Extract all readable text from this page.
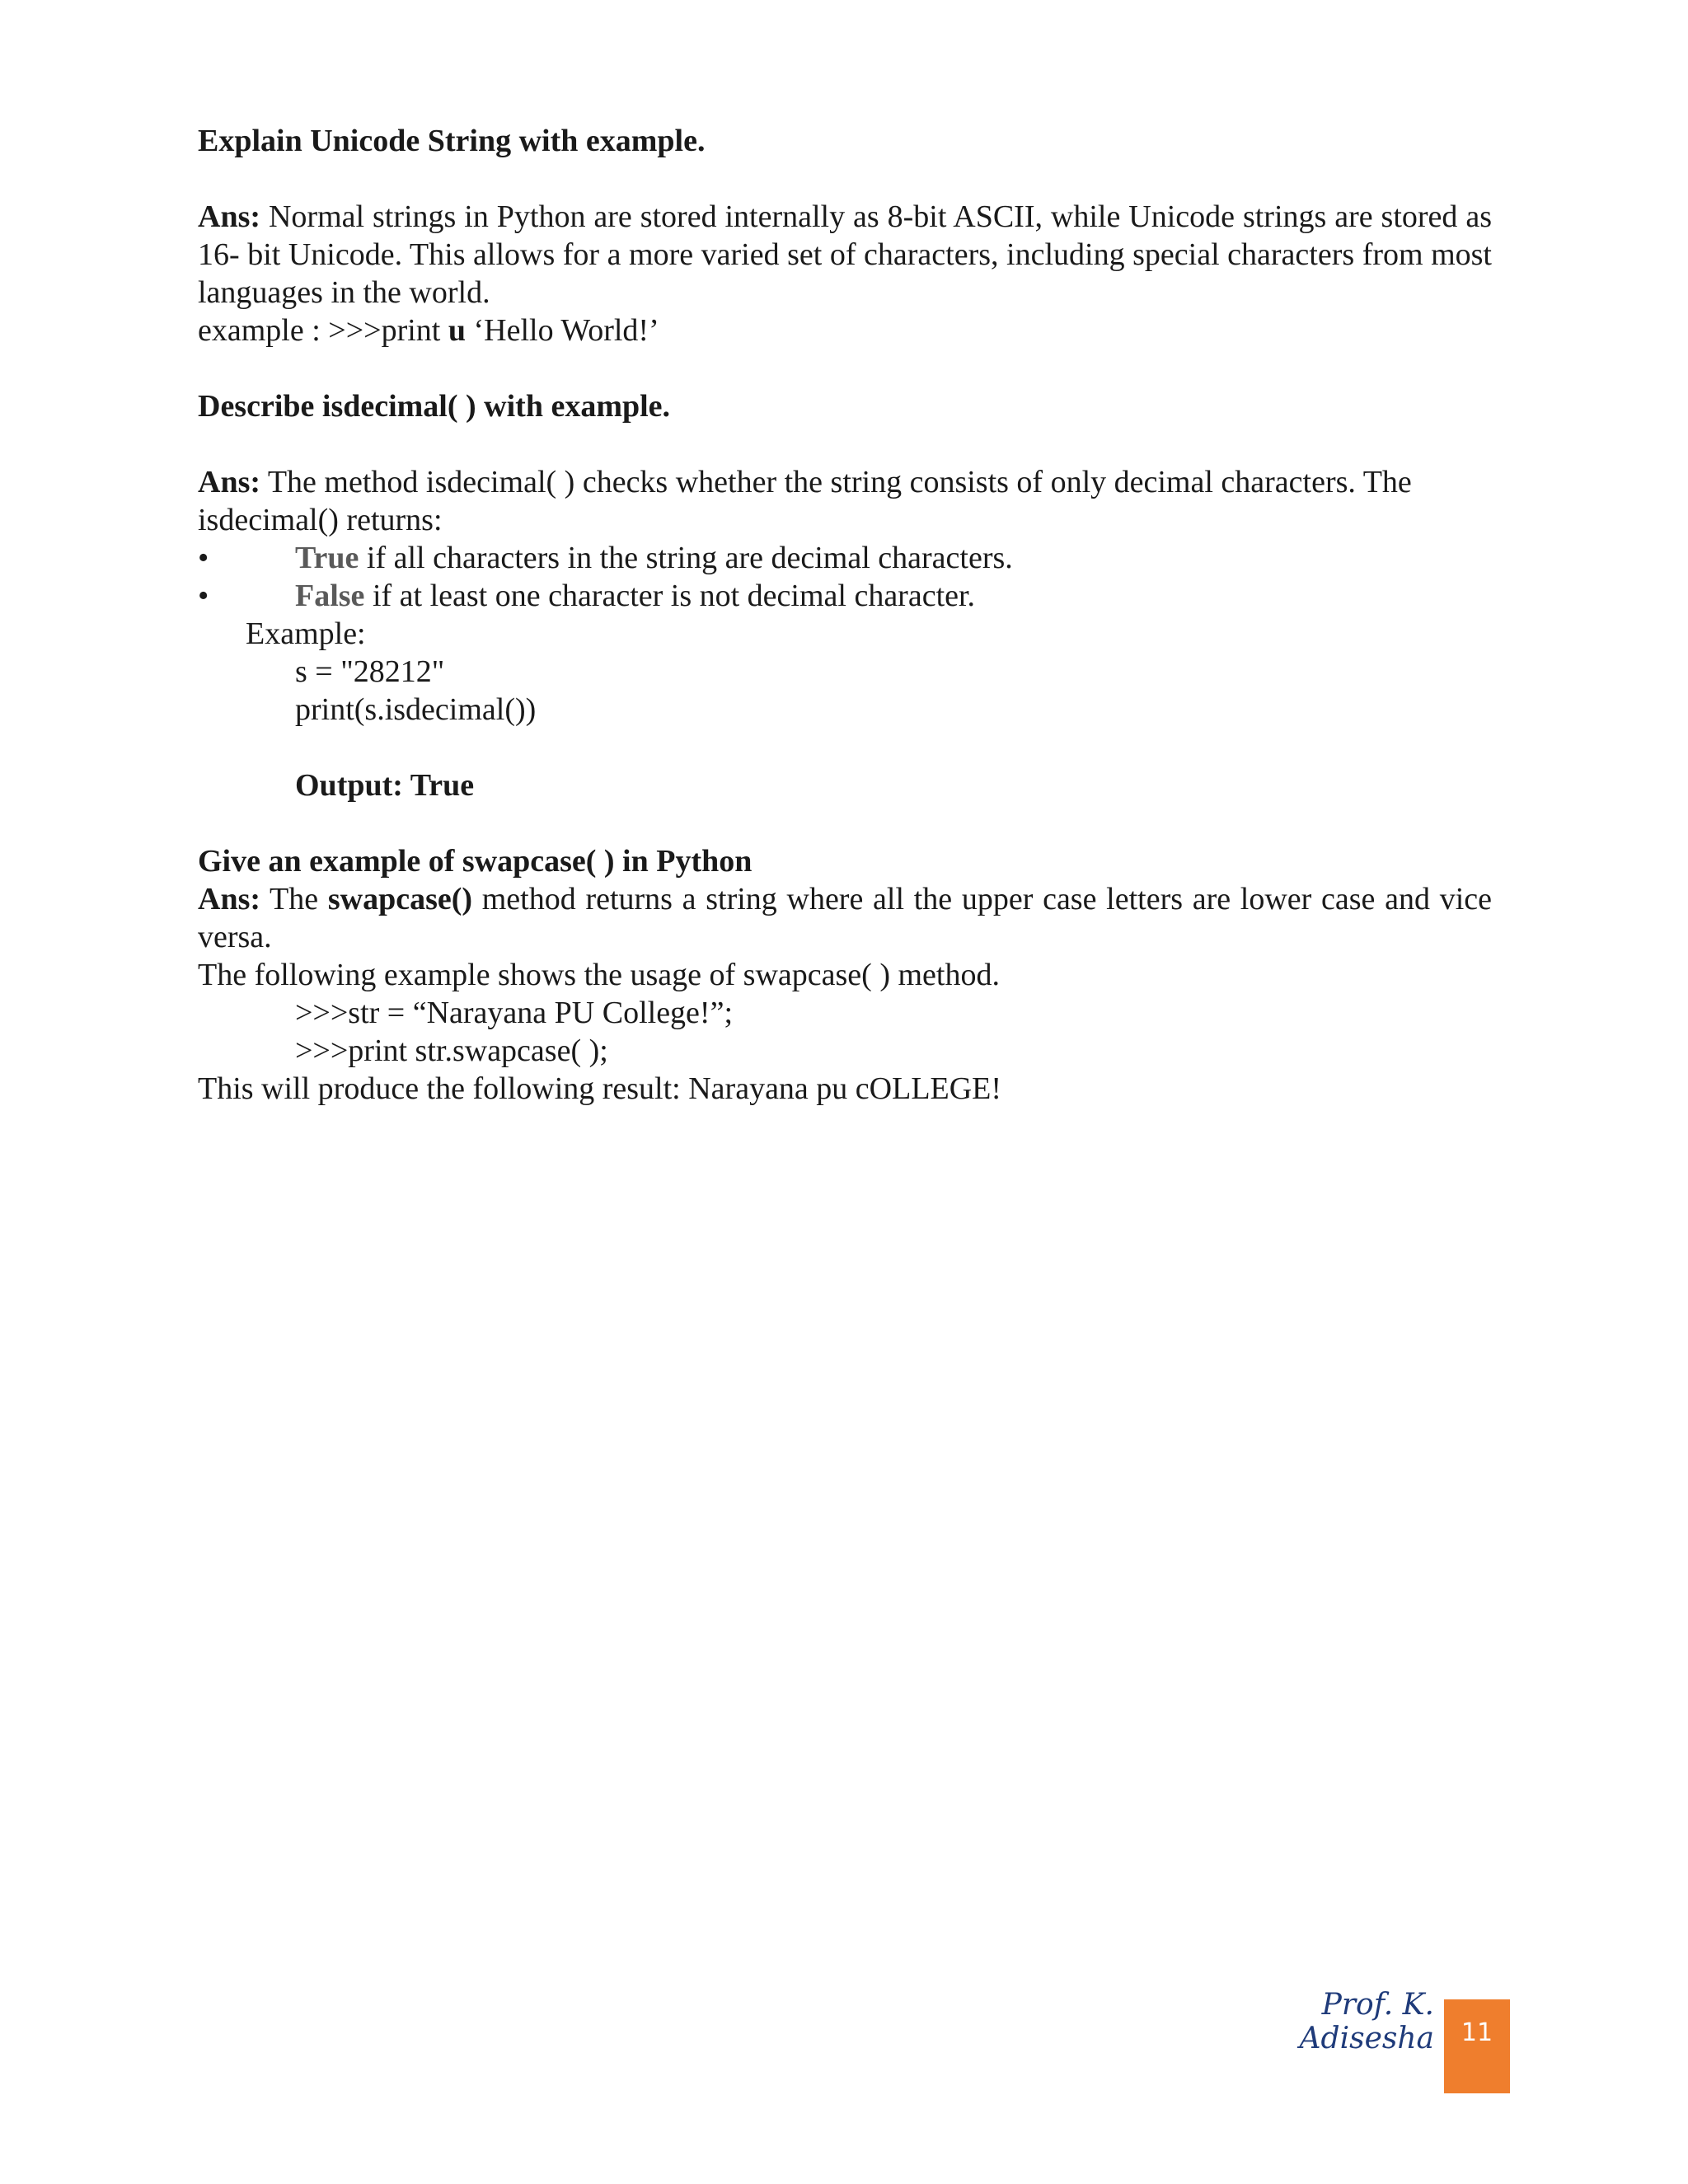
Explain Unicode String with example.

Ans: Normal strings in Python are stored internally as 8-bit ASCII, while Unicode strings are stored as 16- bit Unicode. This allows for a more varied set of characters, including special characters from most languages in the world.

example : >>>print u ‘Hello World!’

Describe isdecimal( ) with example.

Ans: The method isdecimal( ) checks whether the string consists of only decimal characters. The isdecimal() returns:

•	True if all characters in the string are decimal characters.

•	False if at least one character is not decimal character.

Example:

s = "28212"

print(s.isdecimal())

Output: True

Give an example of swapcase( ) in Python

Ans: The swapcase() method returns a string where all the upper case letters are lower case and vice versa.

The following example shows the usage of swapcase( ) method.

>>>str = “Narayana PU College!”;

>>>print str.swapcase( );

This will produce the following result: Narayana pu cOLLEGE!

Prof. K. Adisesha	11
